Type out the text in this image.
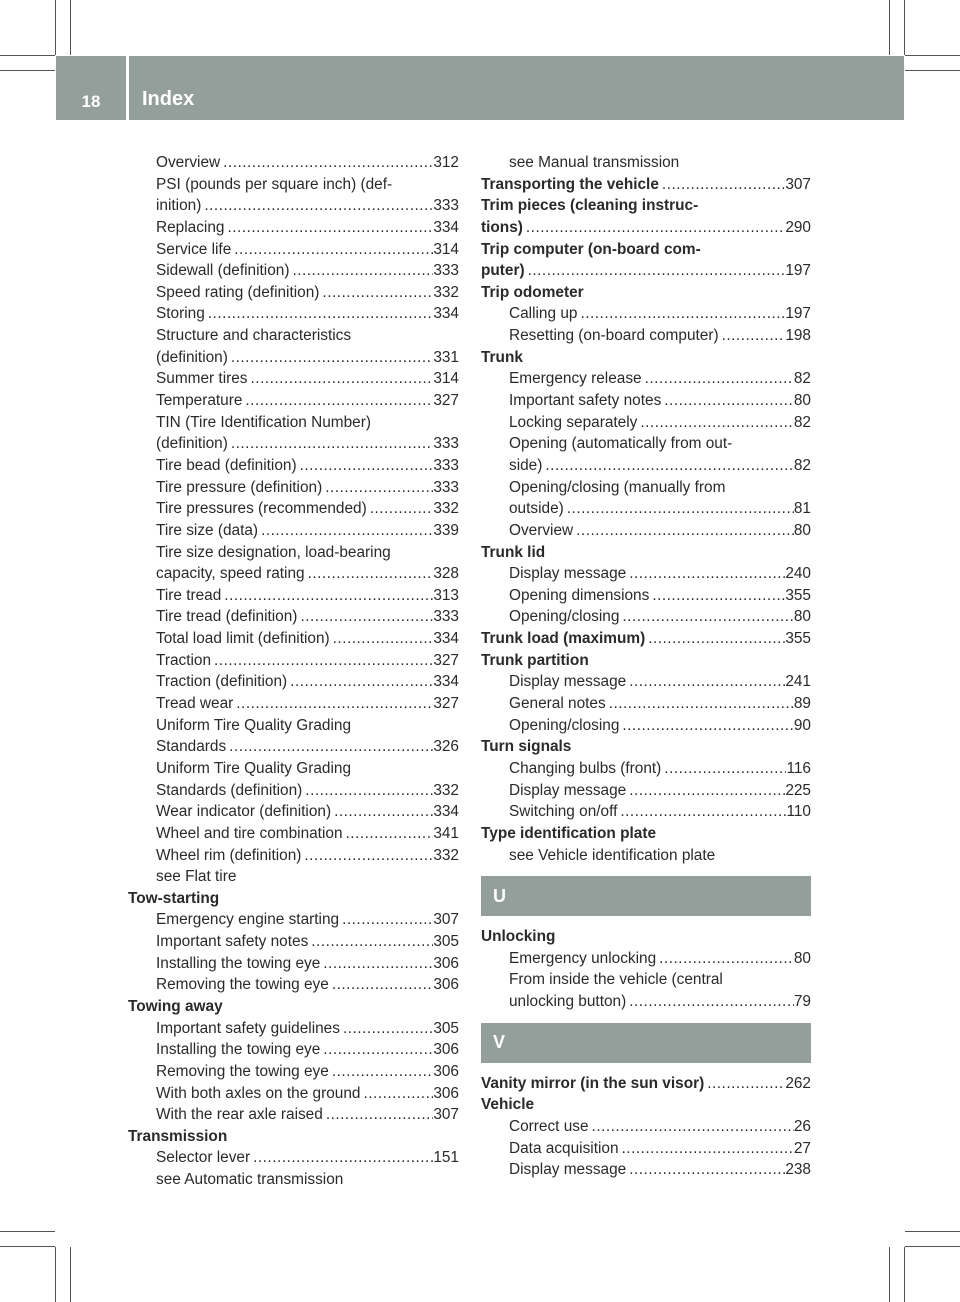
18	Index
Overview .....	312
PSI (pounds per square inch) (def-
inition) .....	333
Replacing .....	334
Service life .....	314
Sidewall (definition) .....	333
Speed rating (definition) .....	332
Storing .....	334
Structure and characteristics
(definition) .....	331
Summer tires .....	314
Temperature .....	327
TIN (Tire Identification Number)
(definition) .....	333
Tire bead (definition) .....	333
Tire pressure (definition) .....	333
Tire pressures (recommended) .....	332
Tire size (data) .....	339
Tire size designation, load-bearing
capacity, speed rating .....	328
Tire tread .....	313
Tire tread (definition) .....	333
Total load limit (definition) .....	334
Traction .....	327
Traction (definition) .....	334
Tread wear .....	327
Uniform Tire Quality Grading
Standards .....	326
Uniform Tire Quality Grading
Standards (definition) .....	332
Wear indicator (definition) .....	334
Wheel and tire combination .....	341
Wheel rim (definition) .....	332
see Flat tire
Tow-starting
Emergency engine starting .....	307
Important safety notes .....	305
Installing the towing eye .....	306
Removing the towing eye .....	306
Towing away
Important safety guidelines .....	305
Installing the towing eye .....	306
Removing the towing eye .....	306
With both axles on the ground .....	306
With the rear axle raised .....	307
Transmission
Selector lever .....	151
see Automatic transmission
see Manual transmission
Transporting the vehicle .....	307
Trim pieces (cleaning instruc-
tions) .....	290
Trip computer (on-board com-
puter) .....	197
Trip odometer
Calling up .....	197
Resetting (on-board computer) .....	198
Trunk
Emergency release .....	82
Important safety notes .....	80
Locking separately .....	82
Opening (automatically from out-
side) .....	82
Opening/closing (manually from
outside) .....	81
Overview .....	80
Trunk lid
Display message .....	240
Opening dimensions .....	355
Opening/closing .....	80
Trunk load (maximum) .....	355
Trunk partition
Display message .....	241
General notes .....	89
Opening/closing .....	90
Turn signals
Changing bulbs (front) .....	116
Display message .....	225
Switching on/off .....	110
Type identification plate
see Vehicle identification plate
U
Unlocking
Emergency unlocking .....	80
From inside the vehicle (central
unlocking button) .....	79
V
Vanity mirror (in the sun visor) .....	262
Vehicle
Correct use .....	26
Data acquisition .....	27
Display message .....	238
